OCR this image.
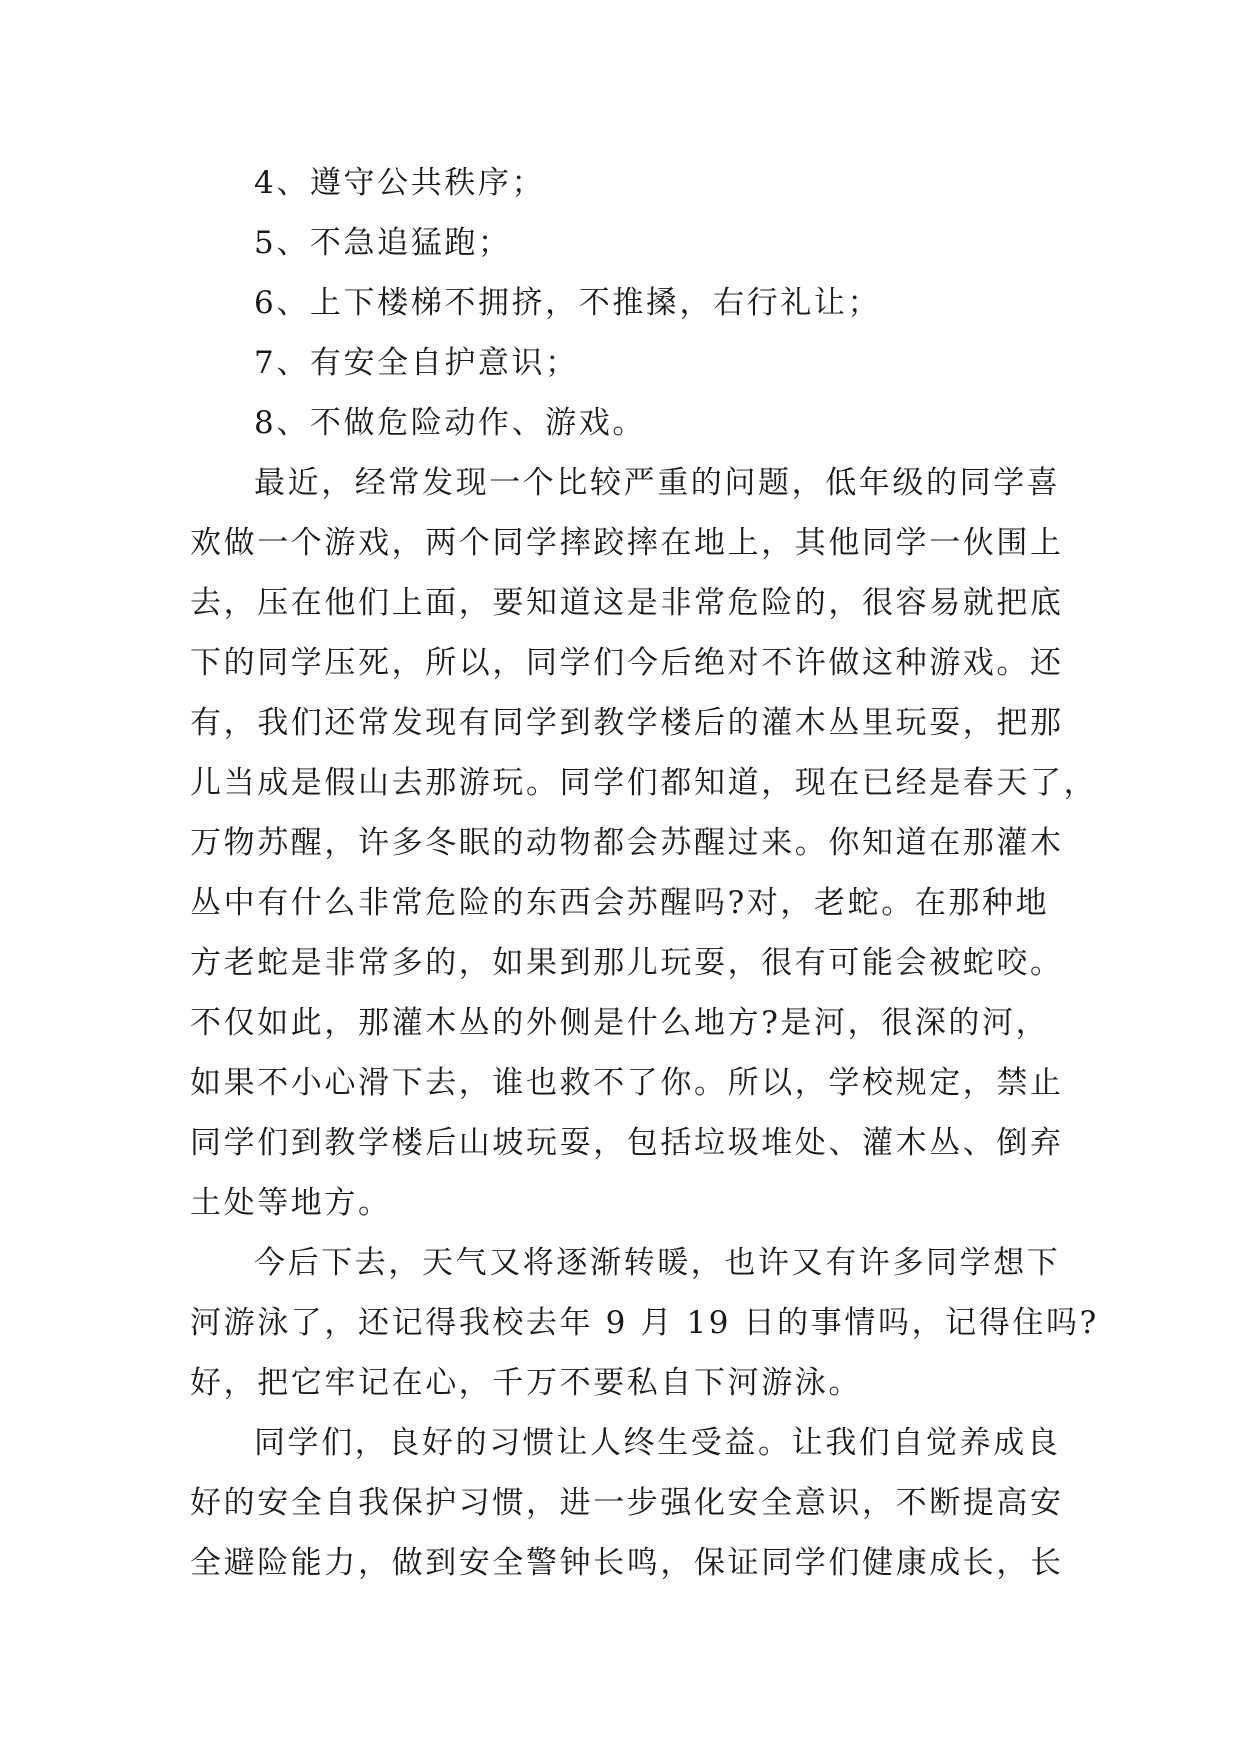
4、遵守公共秩序；
5、不急追猛跑；
6、上下楼梯不拥挤，不推搡，右行礼让；
7、有安全自护意识；
8、不做危险动作、游戏。
最近，经常发现一个比较严重的问题，低年级的同学喜
欢做一个游戏，两个同学摔跤摔在地上，其他同学一伙围上
去，压在他们上面，要知道这是非常危险的，很容易就把底
下的同学压死，所以，同学们今后绝对不许做这种游戏。还
有，我们还常发现有同学到教学楼后的灌木丛里玩耍，把那
儿当成是假山去那游玩。同学们都知道，现在已经是春天了，
万物苏醒，许多冬眠的动物都会苏醒过来。你知道在那灌木
丛中有什么非常危险的东西会苏醒吗?对，老蛇。在那种地
方老蛇是非常多的，如果到那儿玩耍，很有可能会被蛇咬。
不仅如此，那灌木丛的外侧是什么地方?是河，很深的河，
如果不小心滑下去，谁也救不了你。所以，学校规定，禁止
同学们到教学楼后山坡玩耍，包括垃圾堆处、灌木丛、倒弃
土处等地方。
今后下去，天气又将逐渐转暖，也许又有许多同学想下
河游泳了，还记得我校去年 9 月 19 日的事情吗，记得住吗?
好，把它牢记在心，千万不要私自下河游泳。
同学们，良好的习惯让人终生受益。让我们自觉养成良
好的安全自我保护习惯，进一步强化安全意识，不断提高安
全避险能力，做到安全警钟长鸣，保证同学们健康成长，长
